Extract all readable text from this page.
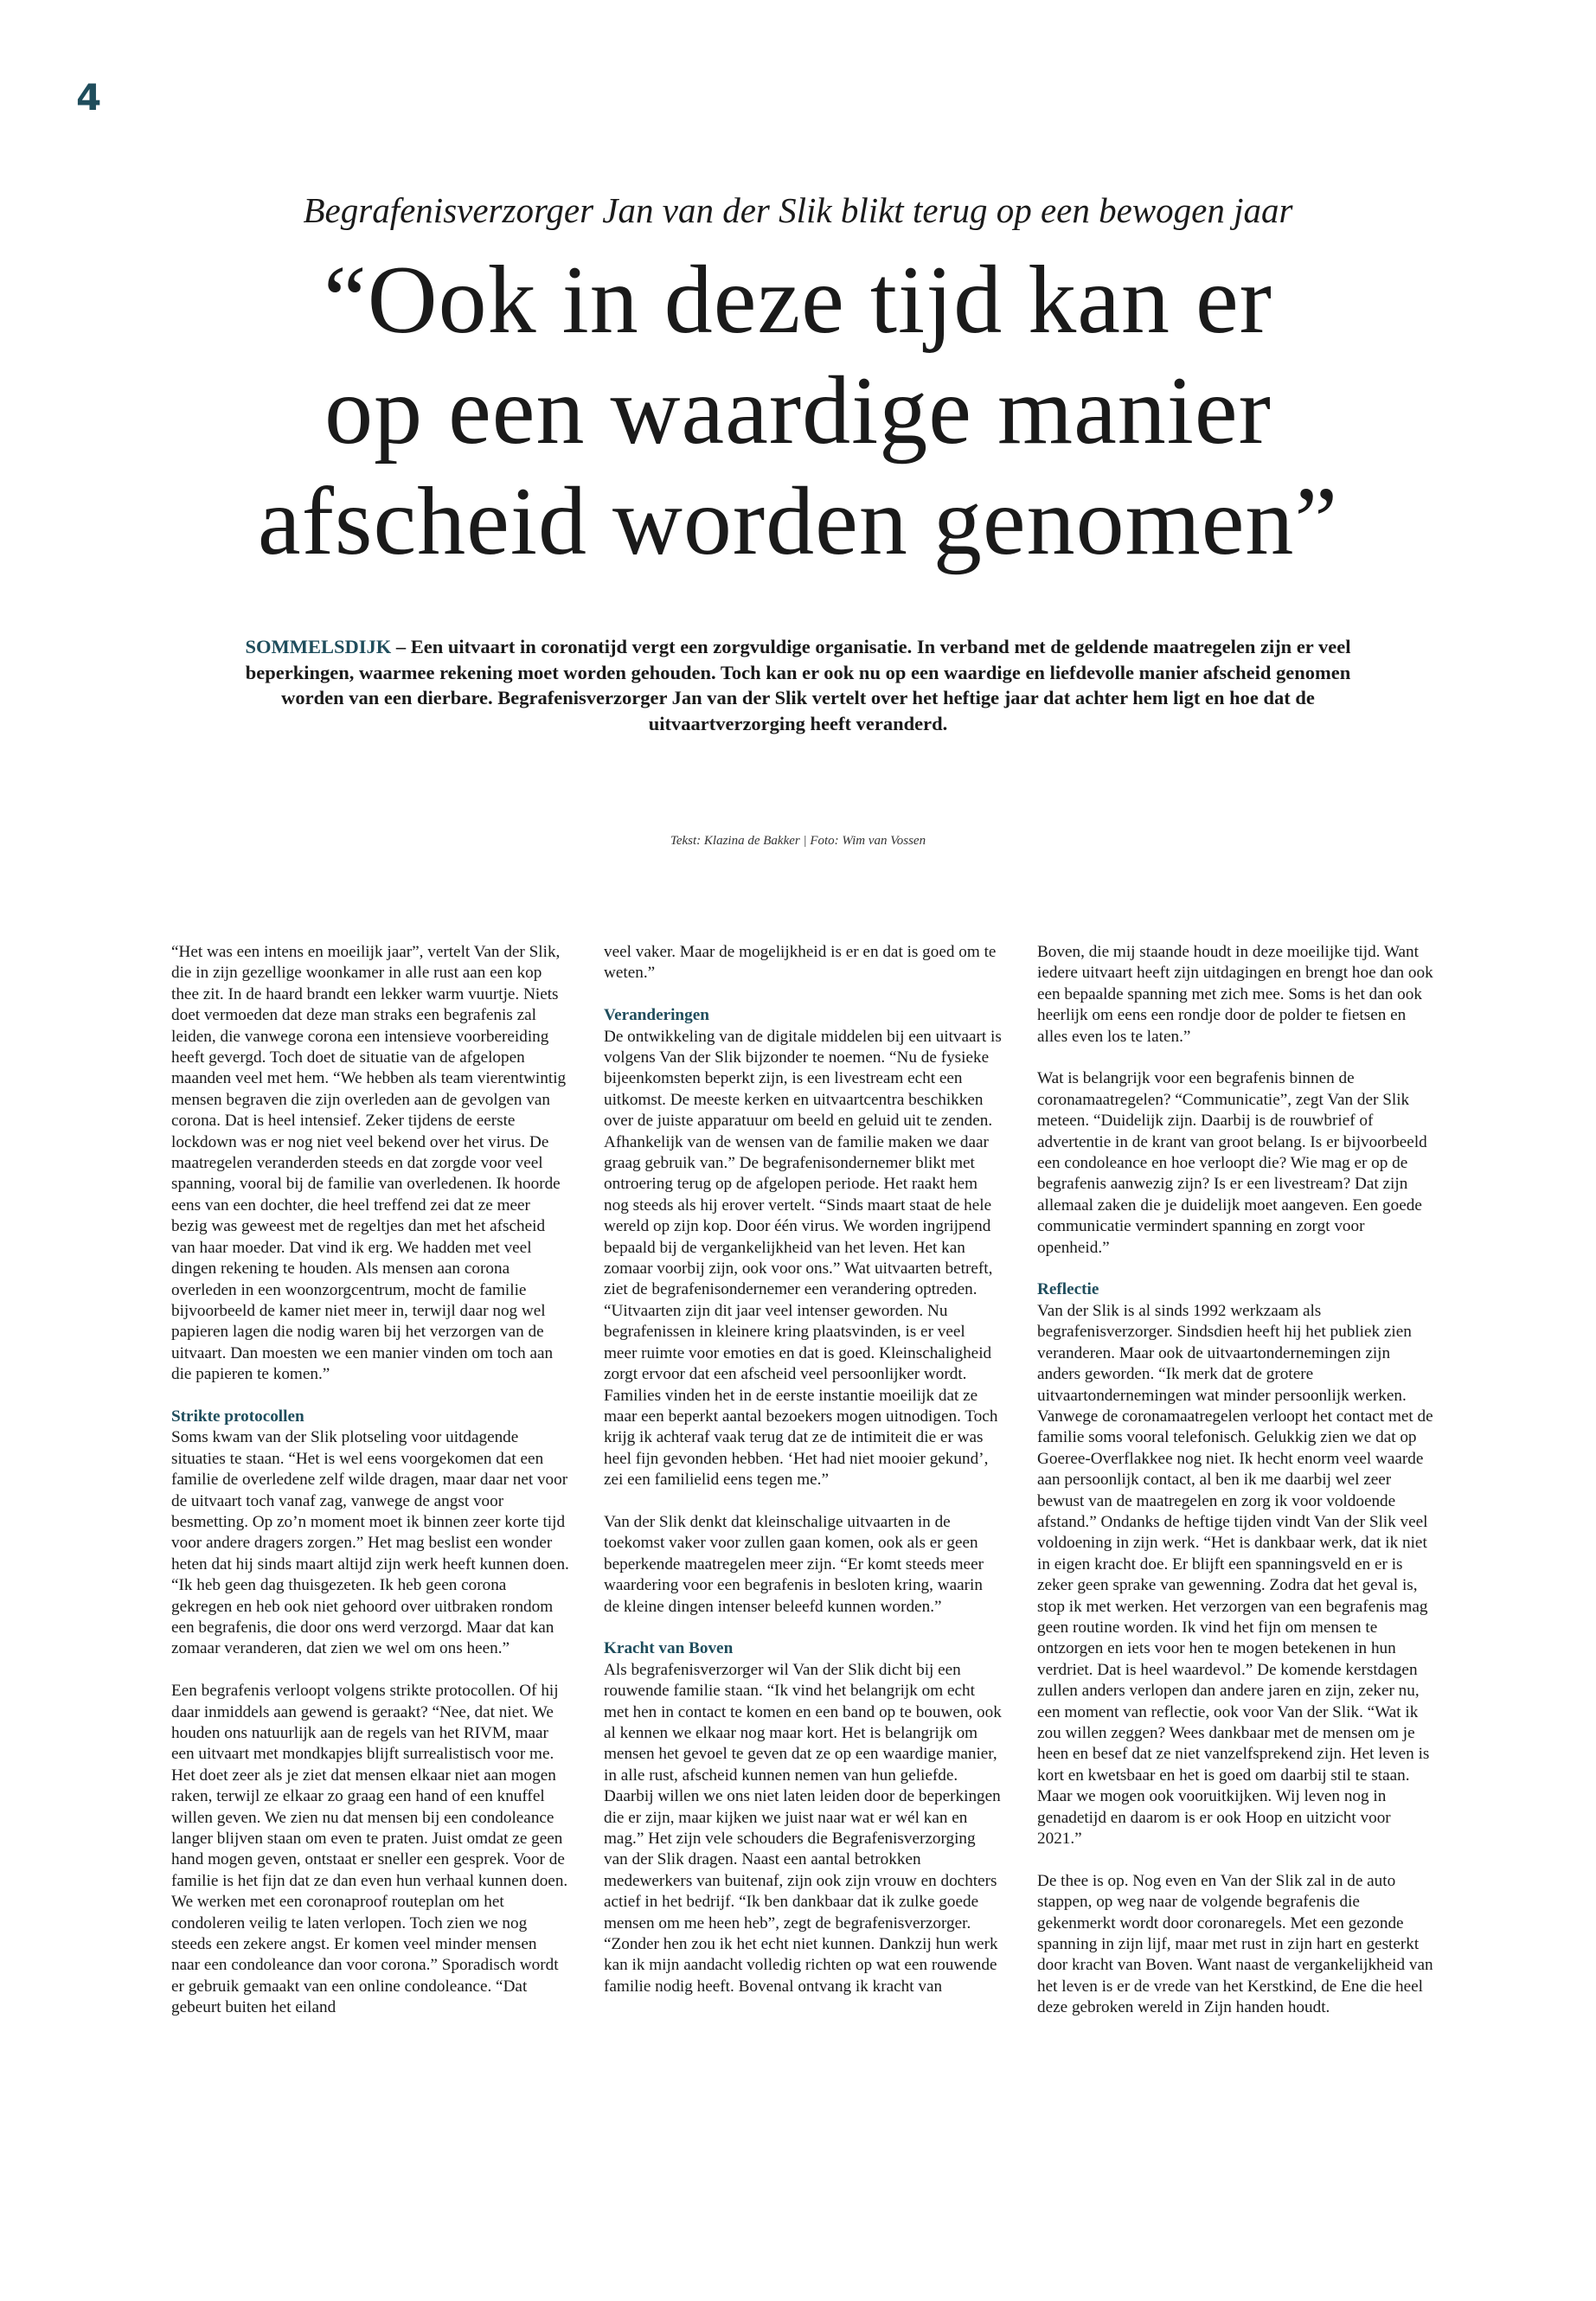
4
Begrafenisverzorger Jan van der Slik blikt terug op een bewogen jaar
“Ook in deze tijd kan er
op een waardige manier
afscheid worden genomen”
SOMMELSDIJK – Een uitvaart in coronatijd vergt een zorgvuldige organisatie. In verband met de geldende maatregelen zijn er veel beperkingen, waarmee rekening moet worden gehouden. Toch kan er ook nu op een waardige en liefdevolle manier afscheid genomen worden van een dierbare. Begrafenisverzorger Jan van der Slik vertelt over het heftige jaar dat achter hem ligt en hoe dat de uitvaartverzorging heeft veranderd.
Tekst: Klazina de Bakker | Foto: Wim van Vossen

“Het was een intens en moeilijk jaar”, vertelt Van der Slik, die in zijn gezellige woonkamer in alle rust aan een kop thee zit. In de haard brandt een lekker warm vuurtje. Niets doet vermoeden dat deze man straks een begrafenis zal leiden, die vanwege corona een intensieve voorbereiding heeft gevergd. Toch doet de situatie van de afgelopen maanden veel met hem. “We hebben als team vierentwintig mensen begraven die zijn overleden aan de gevolgen van corona. Dat is heel intensief. Zeker tijdens de eerste lockdown was er nog niet veel bekend over het virus. De maatregelen veranderden steeds en dat zorgde voor veel spanning, vooral bij de familie van overledenen. Ik hoorde eens van een dochter, die heel treffend zei dat ze meer bezig was geweest met de regeltjes dan met het afscheid van haar moeder. Dat vind ik erg. We hadden met veel dingen rekening te houden. Als mensen aan corona overleden in een woonzorgcentrum, mocht de familie bijvoorbeeld de kamer niet meer in, terwijl daar nog wel papieren lagen die nodig waren bij het verzorgen van de uitvaart. Dan moesten we een manier vinden om toch aan die papieren te komen.”

Strikte protocollen

Soms kwam van der Slik plotseling voor uitdagende situaties te staan. “Het is wel eens voorgekomen dat een familie de overledene zelf wilde dragen, maar daar net voor de uitvaart toch vanaf zag, vanwege de angst voor besmetting. Op zo’n moment moet ik binnen zeer korte tijd voor andere dragers zorgen.” Het mag beslist een wonder heten dat hij sinds maart altijd zijn werk heeft kunnen doen. “Ik heb geen dag thuisgezeten. Ik heb geen corona gekregen en heb ook niet gehoord over uitbraken rondom een begrafenis, die door ons werd verzorgd. Maar dat kan zomaar veranderen, dat zien we wel om ons heen.”

Een begrafenis verloopt volgens strikte protocollen. Of hij daar inmiddels aan gewend is geraakt? “Nee, dat niet. We houden ons natuurlijk aan de regels van het RIVM, maar een uitvaart met mondkapjes blijft surrealistisch voor me. Het doet zeer als je ziet dat mensen elkaar niet aan mogen raken, terwijl ze elkaar zo graag een hand of een knuffel willen geven. We zien nu dat mensen bij een condoleance langer blijven staan om even te praten. Juist omdat ze geen hand mogen geven, ontstaat er sneller een gesprek. Voor de familie is het fijn dat ze dan even hun verhaal kunnen doen. We werken met een coronaproof routeplan om het condoleren veilig te laten verlopen. Toch zien we nog steeds een zekere angst. Er komen veel minder mensen naar een condoleance dan voor corona.” Sporadisch wordt er gebruik gemaakt van een online condoleance. “Dat gebeurt buiten het eiland

veel vaker. Maar de mogelijkheid is er en dat is goed om te weten.”

Veranderingen

De ontwikkeling van de digitale middelen bij een uitvaart is volgens Van der Slik bijzonder te noemen. “Nu de fysieke bijeenkomsten beperkt zijn, is een livestream echt een uitkomst. De meeste kerken en uitvaartcentra beschikken over de juiste apparatuur om beeld en geluid uit te zenden. Afhankelijk van de wensen van de familie maken we daar graag gebruik van.” De begrafenisondernemer blikt met ontroering terug op de afgelopen periode. Het raakt hem nog steeds als hij erover vertelt. “Sinds maart staat de hele wereld op zijn kop. Door één virus. We worden ingrijpend bepaald bij de vergankelijkheid van het leven. Het kan zomaar voorbij zijn, ook voor ons.” Wat uitvaarten betreft, ziet de begrafenisondernemer een verandering optreden. “Uitvaarten zijn dit jaar veel intenser geworden. Nu begrafenissen in kleinere kring plaatsvinden, is er veel meer ruimte voor emoties en dat is goed. Kleinschaligheid zorgt ervoor dat een afscheid veel persoonlijker wordt. Families vinden het in de eerste instantie moeilijk dat ze maar een beperkt aantal bezoekers mogen uitnodigen. Toch krijg ik achteraf vaak terug dat ze de intimiteit die er was heel fijn gevonden hebben. ‘Het had niet mooier gekund’, zei een familielid eens tegen me.”

Van der Slik denkt dat kleinschalige uitvaarten in de toekomst vaker voor zullen gaan komen, ook als er geen beperkende maatregelen meer zijn. “Er komt steeds meer waardering voor een begrafenis in besloten kring, waarin de kleine dingen intenser beleefd kunnen worden.”

Kracht van Boven

Als begrafenisverzorger wil Van der Slik dicht bij een rouwende familie staan. “Ik vind het belangrijk om echt met hen in contact te komen en een band op te bouwen, ook al kennen we elkaar nog maar kort. Het is belangrijk om mensen het gevoel te geven dat ze op een waardige manier, in alle rust, afscheid kunnen nemen van hun geliefde. Daarbij willen we ons niet laten leiden door de beperkingen die er zijn, maar kijken we juist naar wat er wél kan en mag.” Het zijn vele schouders die Begrafenisverzorging van der Slik dragen. Naast een aantal betrokken medewerkers van buitenaf, zijn ook zijn vrouw en dochters actief in het bedrijf. “Ik ben dankbaar dat ik zulke goede mensen om me heen heb”, zegt de begrafenisverzorger. “Zonder hen zou ik het echt niet kunnen. Dankzij hun werk kan ik mijn aandacht volledig richten op wat een rouwende familie nodig heeft. Bovenal ontvang ik kracht van

Boven, die mij staande houdt in deze moeilijke tijd. Want iedere uitvaart heeft zijn uitdagingen en brengt hoe dan ook een bepaalde spanning met zich mee. Soms is het dan ook heerlijk om eens een rondje door de polder te fietsen en alles even los te laten.”

Wat is belangrijk voor een begrafenis binnen de coronamaatregelen? “Communicatie”, zegt Van der Slik meteen. “Duidelijk zijn. Daarbij is de rouwbrief of advertentie in de krant van groot belang. Is er bijvoorbeeld een condoleance en hoe verloopt die? Wie mag er op de begrafenis aanwezig zijn? Is er een livestream? Dat zijn allemaal zaken die je duidelijk moet aangeven. Een goede communicatie vermindert spanning en zorgt voor openheid.”

Reflectie

Van der Slik is al sinds 1992 werkzaam als begrafenisverzorger. Sindsdien heeft hij het publiek zien veranderen. Maar ook de uitvaartondernemingen zijn anders geworden. “Ik merk dat de grotere uitvaartondernemingen wat minder persoonlijk werken. Vanwege de coronamaatregelen verloopt het contact met de familie soms vooral telefonisch. Gelukkig zien we dat op Goeree-Overflakkee nog niet. Ik hecht enorm veel waarde aan persoonlijk contact, al ben ik me daarbij wel zeer bewust van de maatregelen en zorg ik voor voldoende afstand.” Ondanks de heftige tijden vindt Van der Slik veel voldoening in zijn werk. “Het is dankbaar werk, dat ik niet in eigen kracht doe. Er blijft een spanningsveld en er is zeker geen sprake van gewenning. Zodra dat het geval is, stop ik met werken. Het verzorgen van een begrafenis mag geen routine worden. Ik vind het fijn om mensen te ontzorgen en iets voor hen te mogen betekenen in hun verdriet. Dat is heel waardevol.” De komende kerstdagen zullen anders verlopen dan andere jaren en zijn, zeker nu, een moment van reflectie, ook voor Van der Slik. “Wat ik zou willen zeggen? Wees dankbaar met de mensen om je heen en besef dat ze niet vanzelfsprekend zijn. Het leven is kort en kwetsbaar en het is goed om daarbij stil te staan. Maar we mogen ook vooruitkijken. Wij leven nog in genadetijd en daarom is er ook Hoop en uitzicht voor 2021.”

De thee is op. Nog even en Van der Slik zal in de auto stappen, op weg naar de volgende begrafenis die gekenmerkt wordt door coronaregels. Met een gezonde spanning in zijn lijf, maar met rust in zijn hart en gesterkt door kracht van Boven. Want naast de vergankelijkheid van het leven is er de vrede van het Kerstkind, de Ene die heel deze gebroken wereld in Zijn handen houdt.
